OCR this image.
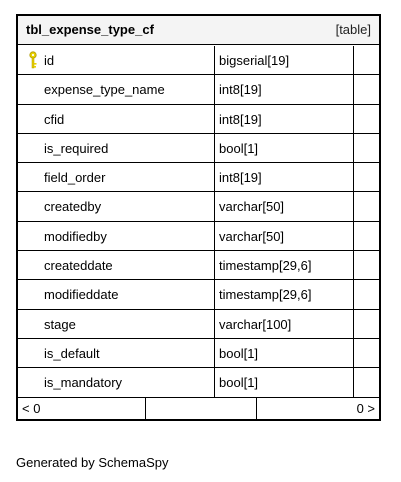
tbl_expense_type_cf	[table]
id	bigserial[19]
expense_type_name	int8[19]
cfid	int8[19]
is_required	bool[1]
field_order	int8[19]
createdby	varchar[50]
modifiedby	varchar[50]
createddate	timestamp[29,6]
modifieddate	timestamp[29,6]
stage	varchar[100]
is_default	bool[1]
is_mandatory	bool[1]
< 0	0 >
Generated by SchemaSpy
